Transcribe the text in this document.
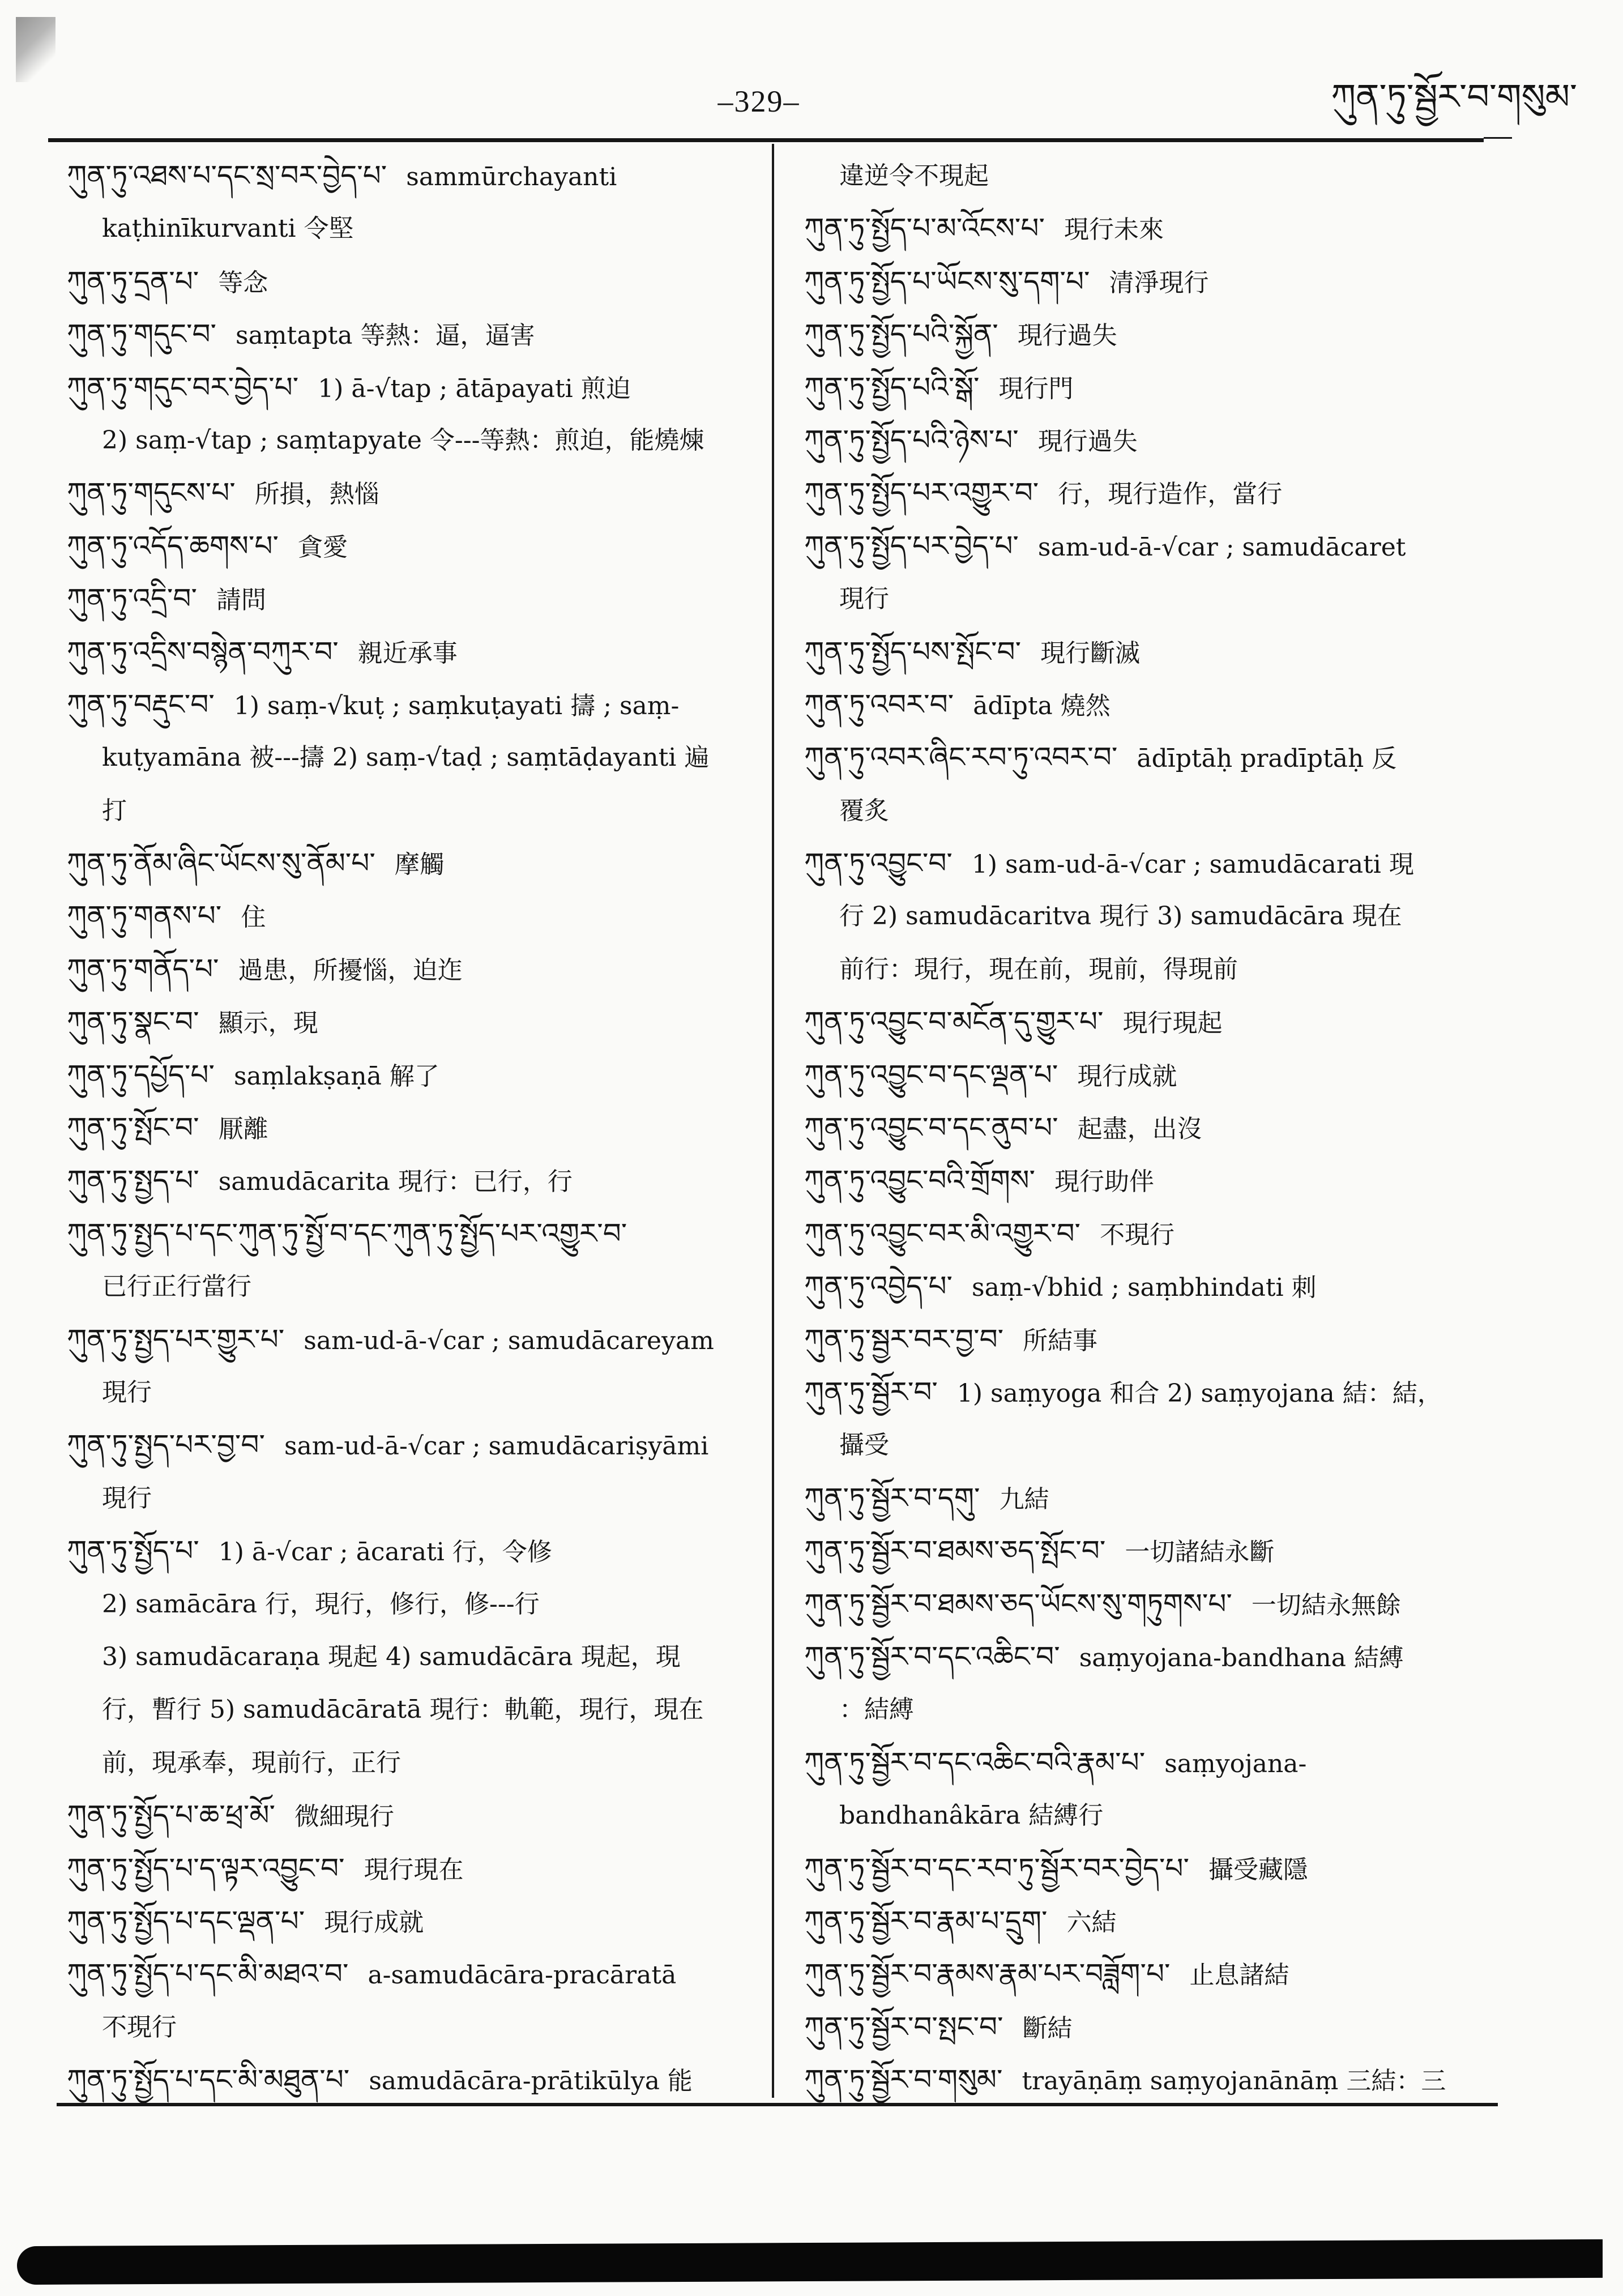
–329–	ཀུན་ཏུ་སྦྱོར་བ་གསུམ་
ཀུན་ཏུ་འཐས་པ་དང་སྲ་བར་བྱེད་པ་ sammūrchayanti
kaṭhinīkurvanti 令堅
ཀུན་ཏུ་དྲན་པ་ 等念
ཀུན་ཏུ་གདུང་བ་ saṃtapta 等熱：逼，逼害
ཀུན་ཏུ་གདུང་བར་བྱེད་པ་ 1) ā-√tap ; ātāpayati 煎迫
2) saṃ-√tap ; saṃtapyate 令---等熱：煎迫，能燒煉
ཀུན་ཏུ་གདུངས་པ་ 所損，熱惱
ཀུན་ཏུ་འདོད་ཆགས་པ་ 貪愛
ཀུན་ཏུ་འདྲི་བ་ 請問
ཀུན་ཏུ་འདྲིས་བསྙེན་བཀུར་བ་ 親近承事
ཀུན་ཏུ་བརྡུང་བ་ 1) saṃ-√kuṭ ; saṃkuṭayati 擣 ; saṃ-
kuṭyamāna 被---擣 2) saṃ-√taḍ ; saṃtāḍayanti 遍
打
ཀུན་ཏུ་ནོམ་ཞིང་ཡོངས་སུ་ནོམ་པ་ 摩觸
ཀུན་ཏུ་གནས་པ་ 住
ཀུན་ཏུ་གནོད་པ་ 過患，所擾惱，迫迮
ཀུན་ཏུ་སྣང་བ་ 顯示，現
ཀུན་ཏུ་དཔྱོད་པ་ saṃlakṣaṇā 解了
ཀུན་ཏུ་སྤོང་བ་ 厭離
ཀུན་ཏུ་སྤྱད་པ་ samudācarita 現行：已行，行
ཀུན་ཏུ་སྤྱད་པ་དང་ཀུན་ཏུ་སྤྱོ་བ་དང་ཀུན་ཏུ་སྤྱོད་པར་འགྱུར་བ་
已行正行當行
ཀུན་ཏུ་སྤྱད་པར་གྱུར་པ་ sam-ud-ā-√car ; samudācareyam
現行
ཀུན་ཏུ་སྤྱད་པར་བྱ་བ་ sam-ud-ā-√car ; samudācariṣyāmi
現行
ཀུན་ཏུ་སྤྱོད་པ་ 1) ā-√car ; ācarati 行，令修
2) samācāra 行，現行，修行，修---行
3) samudācaraṇa 現起 4) samudācāra 現起，現
行，暫行 5) samudācāratā 現行：軌範，現行，現在
前，現承奉，現前行，正行
ཀུན་ཏུ་སྤྱོད་པ་ཆ་ཕྲ་མོ་ 微細現行
ཀུན་ཏུ་སྤྱོད་པ་ད་ལྟར་འབྱུང་བ་ 現行現在
ཀུན་ཏུ་སྤྱོད་པ་དང་ལྡན་པ་ 現行成就
ཀུན་ཏུ་སྤྱོད་པ་དང་མི་མཐའ་བ་ a-samudācāra-pracāratā
不現行
ཀུན་ཏུ་སྤྱོད་པ་དང་མི་མཐུན་པ་ samudācāra-prātikūlya 能
違逆令不現起
ཀུན་ཏུ་སྤྱོད་པ་མ་འོངས་པ་ 現行未來
ཀུན་ཏུ་སྤྱོད་པ་ཡོངས་སུ་དག་པ་ 清淨現行
ཀུན་ཏུ་སྤྱོད་པའི་སྐྱོན་ 現行過失
ཀུན་ཏུ་སྤྱོད་པའི་སྒོ་ 現行門
ཀུན་ཏུ་སྤྱོད་པའི་ཉེས་པ་ 現行過失
ཀུན་ཏུ་སྤྱོད་པར་འགྱུར་བ་ 行，現行造作，當行
ཀུན་ཏུ་སྤྱོད་པར་བྱེད་པ་ sam-ud-ā-√car ; samudācaret
現行
ཀུན་ཏུ་སྤྱོད་པས་སྤོང་བ་ 現行斷滅
ཀུན་ཏུ་འབར་བ་ ādīpta 燒然
ཀུན་ཏུ་འབར་ཞིང་རབ་ཏུ་འབར་བ་ ādīptāḥ pradīptāḥ 反
覆炙
ཀུན་ཏུ་འབྱུང་བ་ 1) sam-ud-ā-√car ; samudācarati 現
行 2) samudācaritva 現行 3) samudācāra 現在
前行：現行，現在前，現前，得現前
ཀུན་ཏུ་འབྱུང་བ་མངོན་དུ་གྱུར་པ་ 現行現起
ཀུན་ཏུ་འབྱུང་བ་དང་ལྡན་པ་ 現行成就
ཀུན་ཏུ་འབྱུང་བ་དང་ནུབ་པ་ 起盡，出沒
ཀུན་ཏུ་འབྱུང་བའི་གྲོགས་ 現行助伴
ཀུན་ཏུ་འབྱུང་བར་མི་འགྱུར་བ་ 不現行
ཀུན་ཏུ་འབྱེད་པ་ saṃ-√bhid ; saṃbhindati 刺
ཀུན་ཏུ་སྦྱར་བར་བྱ་བ་ 所結事
ཀུན་ཏུ་སྦྱོར་བ་ 1) saṃyoga 和合 2) saṃyojana 結：結，
攝受
ཀུན་ཏུ་སྦྱོར་བ་དགུ་ 九結
ཀུན་ཏུ་སྦྱོར་བ་ཐམས་ཅད་སྤོང་བ་ 一切諸結永斷
ཀུན་ཏུ་སྦྱོར་བ་ཐམས་ཅད་ཡོངས་སུ་གཏུགས་པ་ 一切結永無餘
ཀུན་ཏུ་སྦྱོར་བ་དང་འཆིང་བ་ saṃyojana-bandhana 結縛
：結縛
ཀུན་ཏུ་སྦྱོར་བ་དང་འཆིང་བའི་རྣམ་པ་ saṃyojana-
bandhanâkāra 結縛行
ཀུན་ཏུ་སྦྱོར་བ་དང་རབ་ཏུ་སྦྱོར་བར་བྱེད་པ་ 攝受藏隱
ཀུན་ཏུ་སྦྱོར་བ་རྣམ་པ་དྲུག་ 六結
ཀུན་ཏུ་སྦྱོར་བ་རྣམས་རྣམ་པར་བཟློག་པ་ 止息諸結
ཀུན་ཏུ་སྦྱོར་བ་སྤང་བ་ 斷結
ཀུན་ཏུ་སྦྱོར་བ་གསུམ་ trayāṇāṃ saṃyojanānāṃ 三結：三
